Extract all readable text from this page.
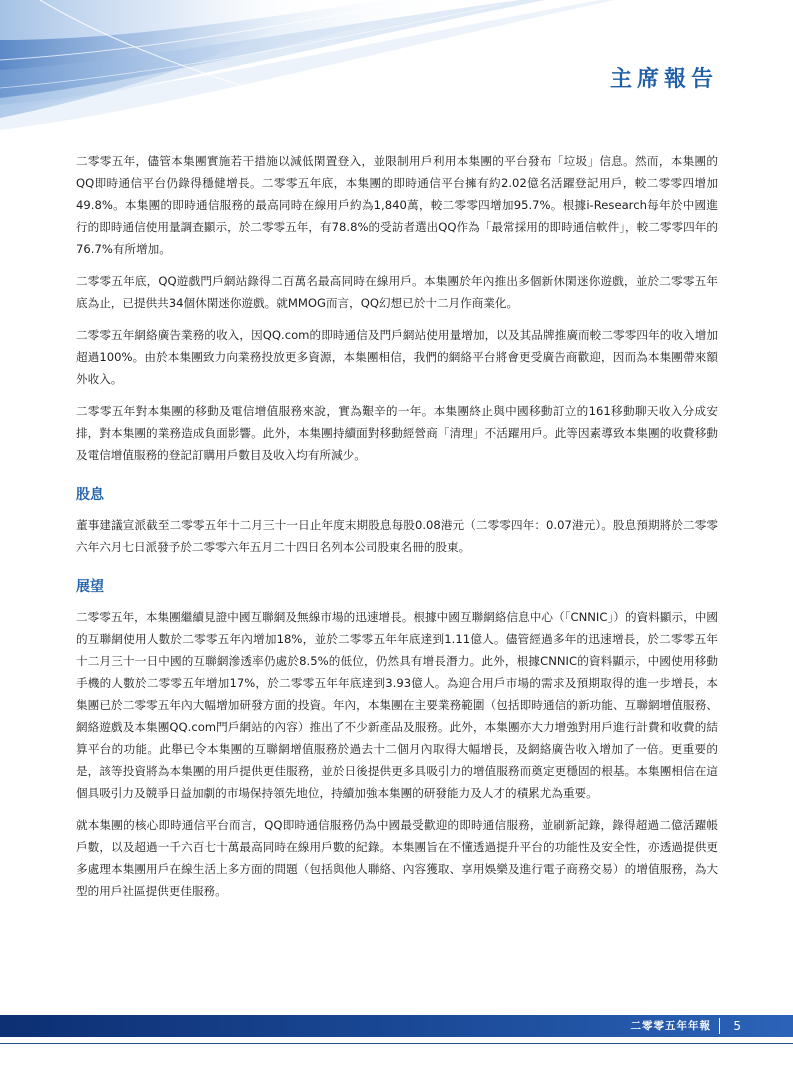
主席報告

二零零五年，儘管本集團實施若干措施以減低閑置登入，並限制用戶利用本集團的平台發布「垃圾」信息。然而，本集團的QQ即時通信平台仍錄得穩健增長。二零零五年底，本集團的即時通信平台擁有約2.02億名活躍登記用戶，較二零零四增加49.8%。本集團的即時通信服務的最高同時在線用戶約為1,840萬，較二零零四增加95.7%。根據i-Research每年於中國進行的即時通信使用量調查顯示，於二零零五年，有78.8%的受訪者選出QQ作為「最常採用的即時通信軟件」，較二零零四年的76.7%有所增加。

二零零五年底，QQ遊戲門戶網站錄得二百萬名最高同時在線用戶。本集團於年內推出多個新休閑迷你遊戲，並於二零零五年底為止，已提供共34個休閑迷你遊戲。就MMOG而言，QQ幻想已於十二月作商業化。

二零零五年網絡廣告業務的收入，因QQ.com的即時通信及門戶網站使用量增加，以及其品牌推廣而較二零零四年的收入增加超過100%。由於本集團致力向業務投放更多資源，本集團相信，我們的網絡平台將會更受廣告商歡迎，因而為本集團帶來額外收入。

二零零五年對本集團的移動及電信增值服務來說，實為艱辛的一年。本集團終止與中國移動訂立的161移動聊天收入分成安排，對本集團的業務造成負面影響。此外，本集團持續面對移動經營商「清理」不活躍用戶。此等因素導致本集團的收費移動及電信增值服務的登記訂購用戶數目及收入均有所減少。

股息

董事建議宣派截至二零零五年十二月三十一日止年度末期股息每股0.08港元（二零零四年：0.07港元）。股息預期將於二零零六年六月七日派發予於二零零六年五月二十四日名列本公司股東名冊的股東。

展望

二零零五年，本集團繼續見證中國互聯網及無線市場的迅速增長。根據中國互聯網絡信息中心（「CNNIC」）的資料顯示，中國的互聯網使用人數於二零零五年內增加18%，並於二零零五年年底達到1.11億人。儘管經過多年的迅速增長，於二零零五年十二月三十一日中國的互聯網滲透率仍處於8.5%的低位，仍然具有增長潛力。此外，根據CNNIC的資料顯示，中國使用移動手機的人數於二零零五年增加17%，於二零零五年年底達到3.93億人。為迎合用戶市場的需求及預期取得的進一步增長，本集團已於二零零五年內大幅增加研發方面的投資。年內，本集團在主要業務範圍（包括即時通信的新功能、互聯網增值服務、網絡遊戲及本集團QQ.com門戶網站的內容）推出了不少新產品及服務。此外，本集團亦大力增強對用戶進行計費和收費的結算平台的功能。此舉已令本集團的互聯網增值服務於過去十二個月內取得大幅增長，及網絡廣告收入增加了一倍。更重要的是，該等投資將為本集團的用戶提供更佳服務，並於日後提供更多具吸引力的增值服務而奠定更穩固的根基。本集團相信在這個具吸引力及競爭日益加劇的市場保持領先地位，持續加強本集團的研發能力及人才的積累尤為重要。

就本集團的核心即時通信平台而言，QQ即時通信服務仍為中國最受歡迎的即時通信服務，並刷新記錄，錄得超過二億活躍帳戶數，以及超過一千六百七十萬最高同時在線用戶數的紀錄。本集團旨在不懂透過提升平台的功能性及安全性，亦透過提供更多處理本集團用戶在線生活上多方面的問題（包括與他人聯絡、內容獲取、享用娛樂及進行電子商務交易）的增值服務，為大型的用戶社區提供更佳服務。

二零零五年年報 5
